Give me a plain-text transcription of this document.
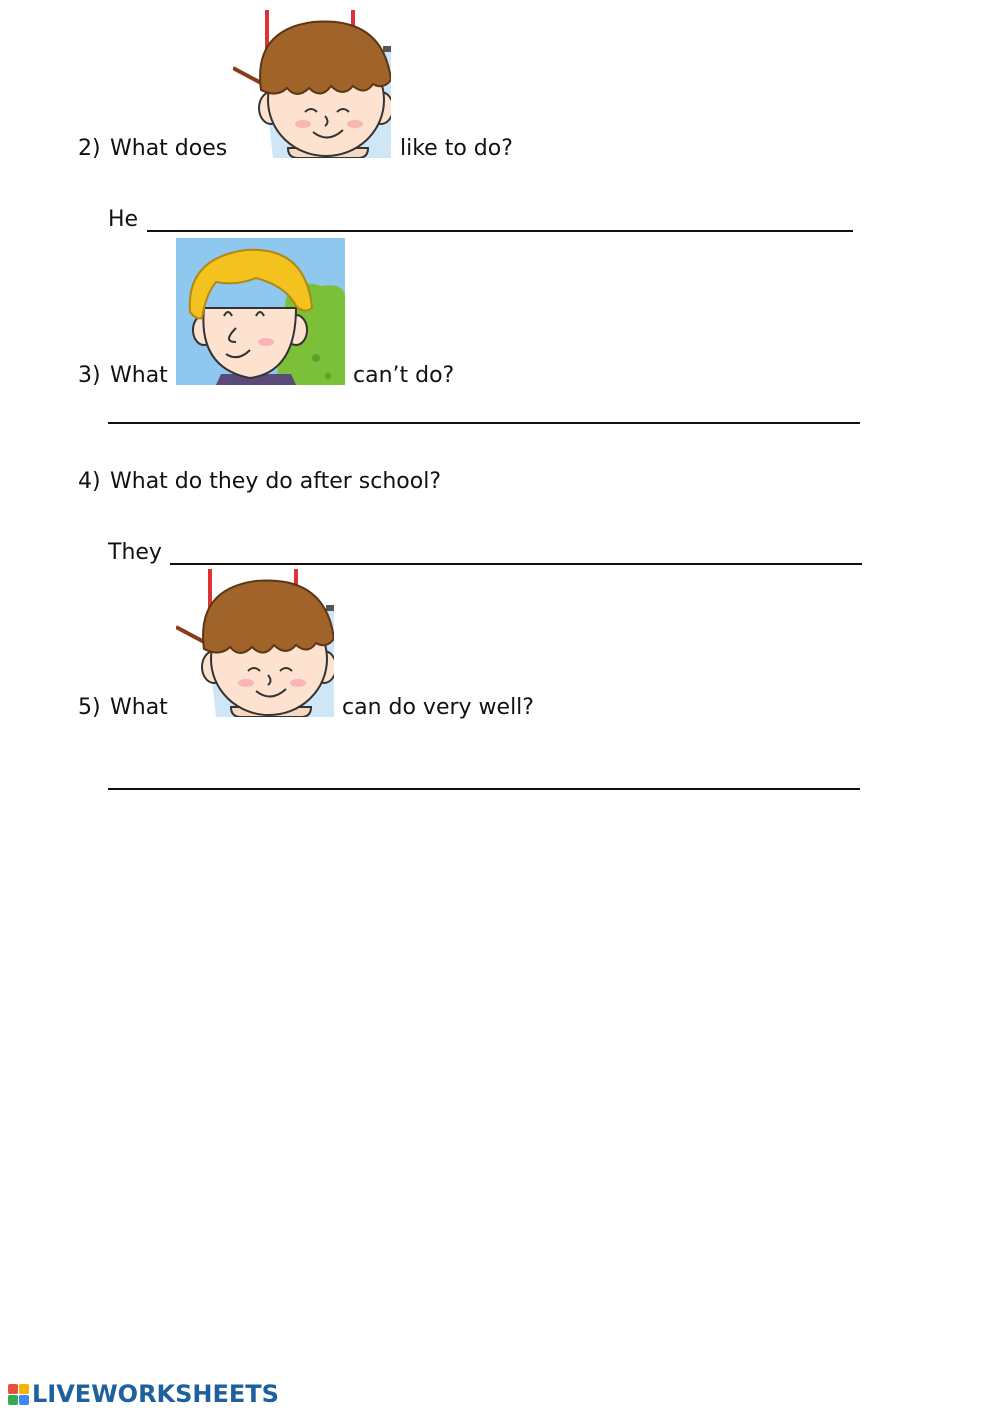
2) What does	like to do?
He
3) What	can’t do?
4) What do they do after school?
They
5) What	can do very well?
LIVEWORKSHEETS
